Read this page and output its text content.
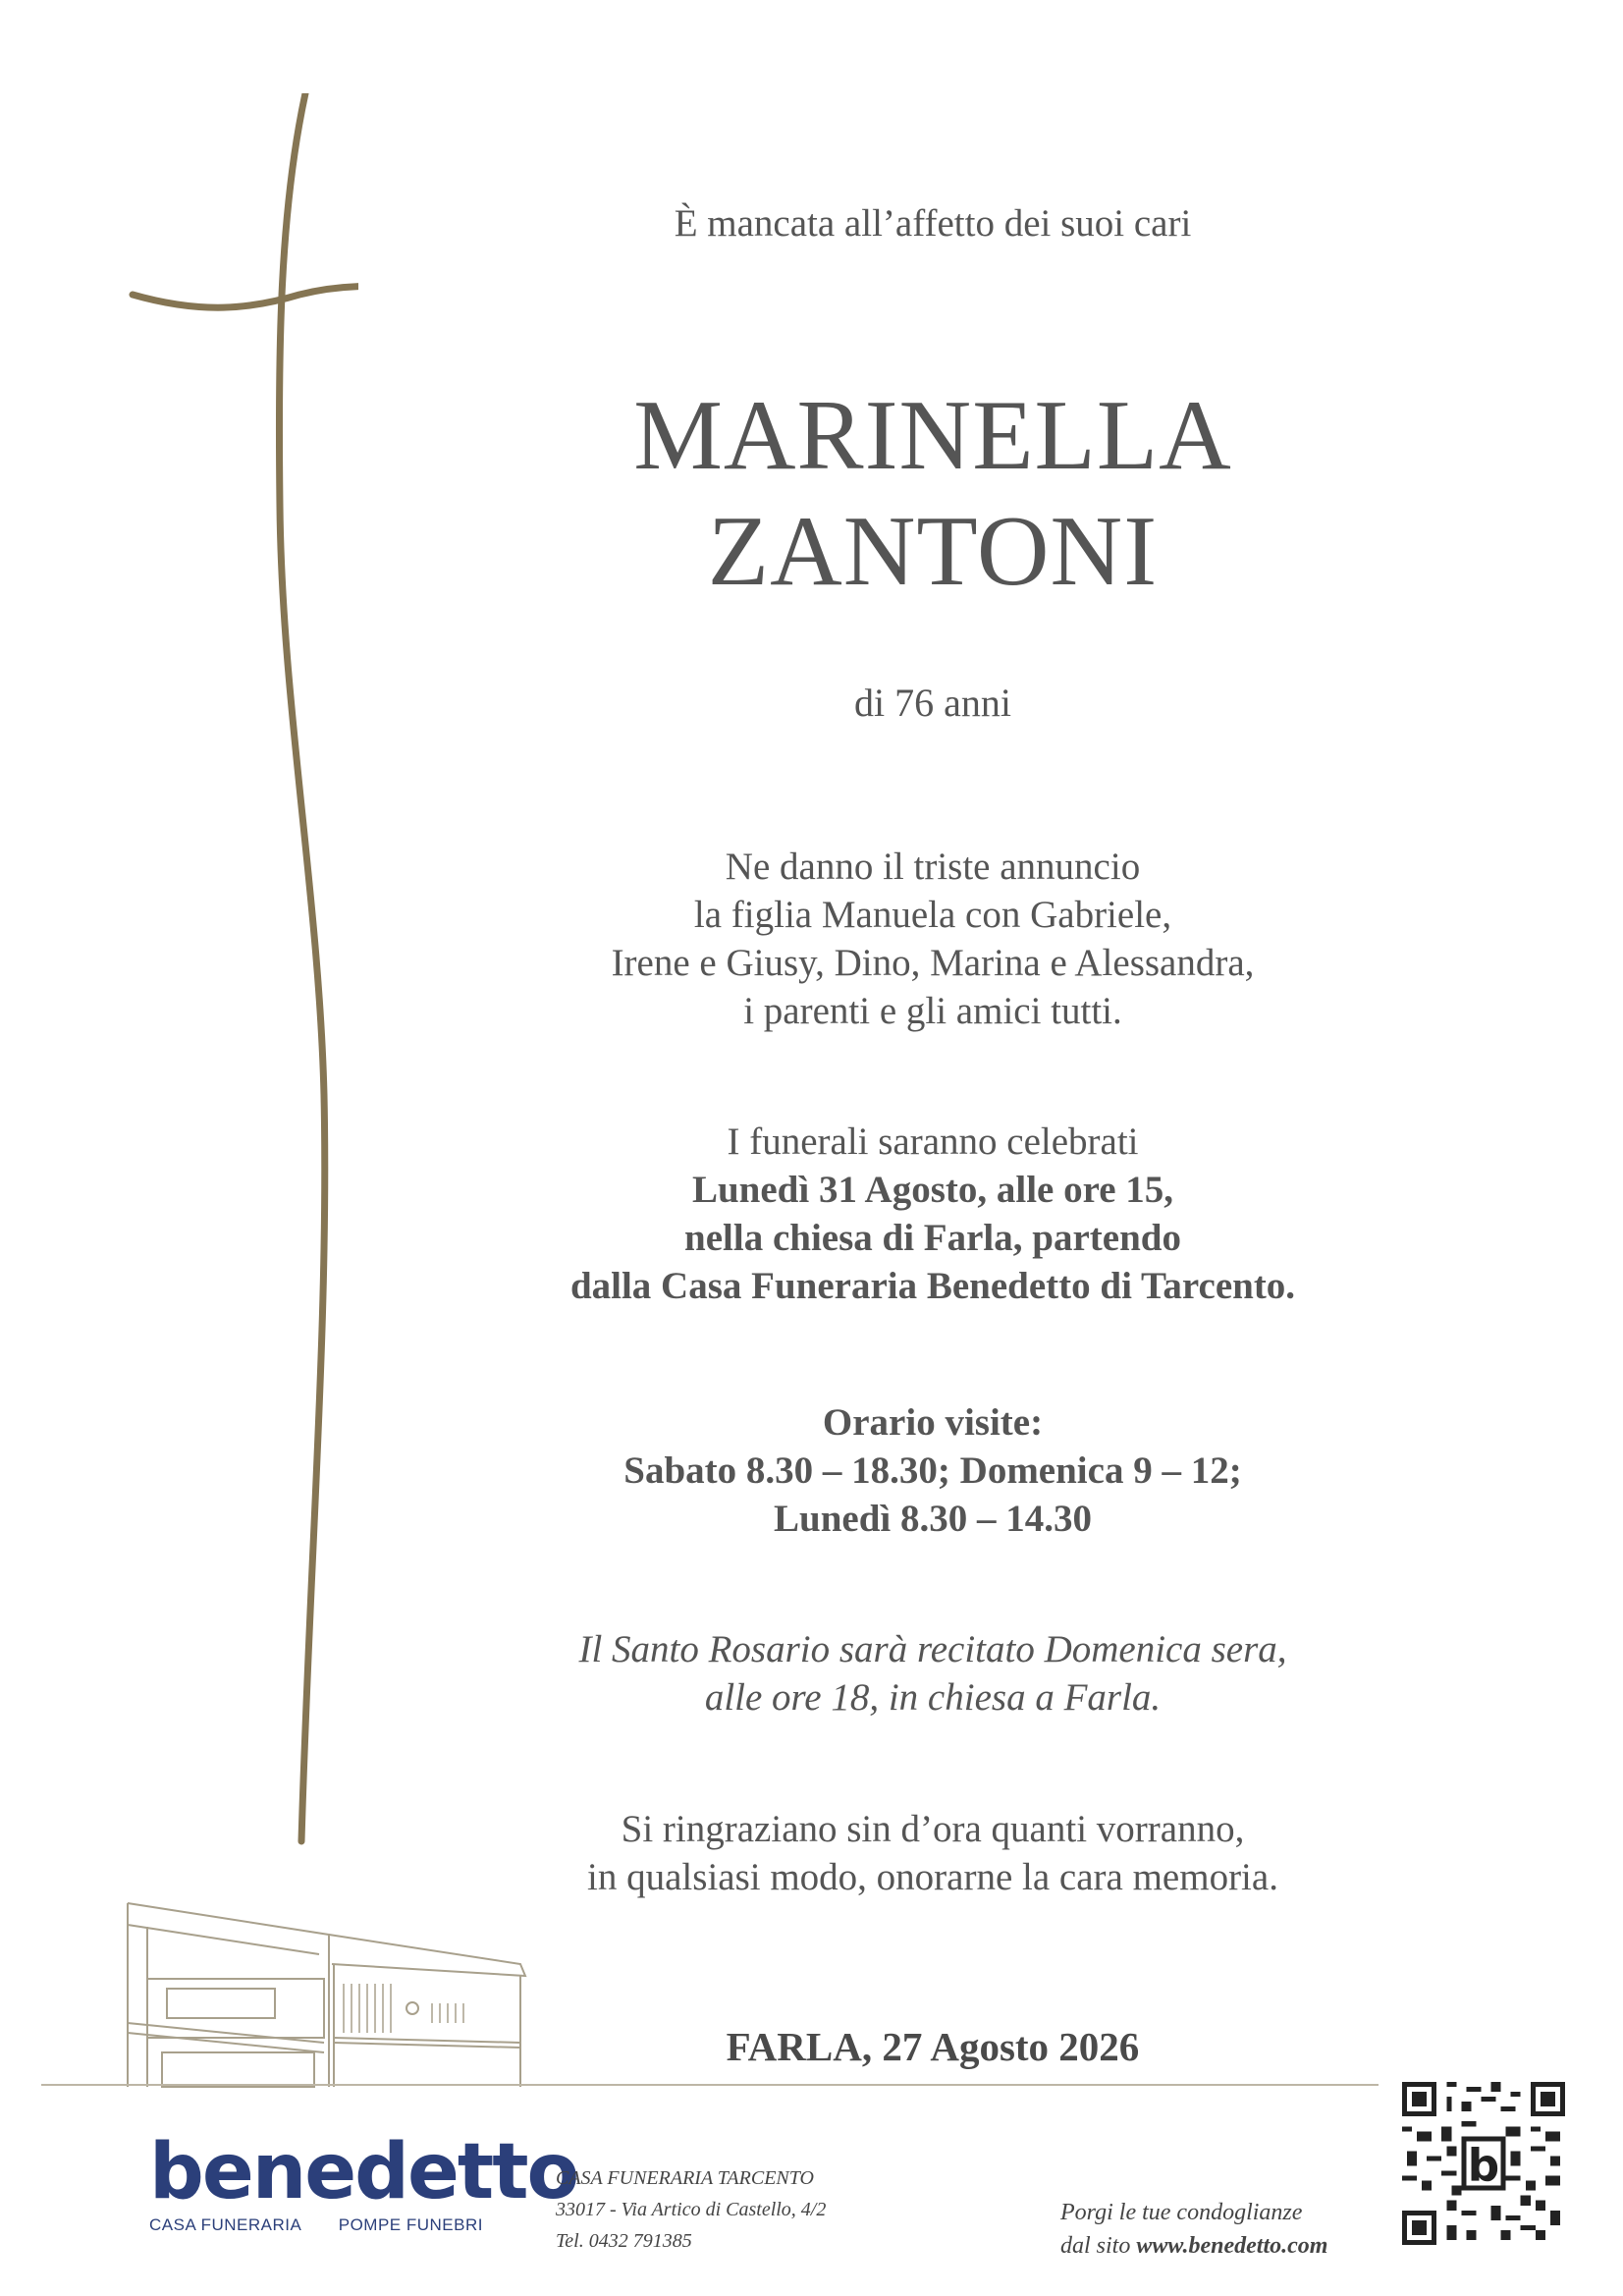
È mancata all’affetto dei suoi cari
MARINELLA
ZANTONI
di 76 anni
Ne danno il triste annuncio
la figlia Manuela con Gabriele,
Irene e Giusy, Dino, Marina e Alessandra,
i parenti e gli amici tutti.
I funerali saranno celebrati
Lunedì 31 Agosto, alle ore 15,
nella chiesa di Farla, partendo
dalla Casa Funeraria Benedetto di Tarcento.
Orario visite:
Sabato 8.30 – 18.30; Domenica 9 – 12;
Lunedì 8.30 – 14.30
Il Santo Rosario sarà recitato Domenica sera,
alle ore 18, in chiesa a Farla.
Si ringraziano sin d’ora quanti vorranno,
in qualsiasi modo, onorarne la cara memoria.
FARLA, 27 Agosto 2026
benedetto
CASA FUNERARIA POMPE FUNEBRI
CASA FUNERARIA TARCENTO
33017 - Via Artico di Castello, 4/2
Tel. 0432 791385
Porgi le tue condoglianze
dal sito www.benedetto.com
b
